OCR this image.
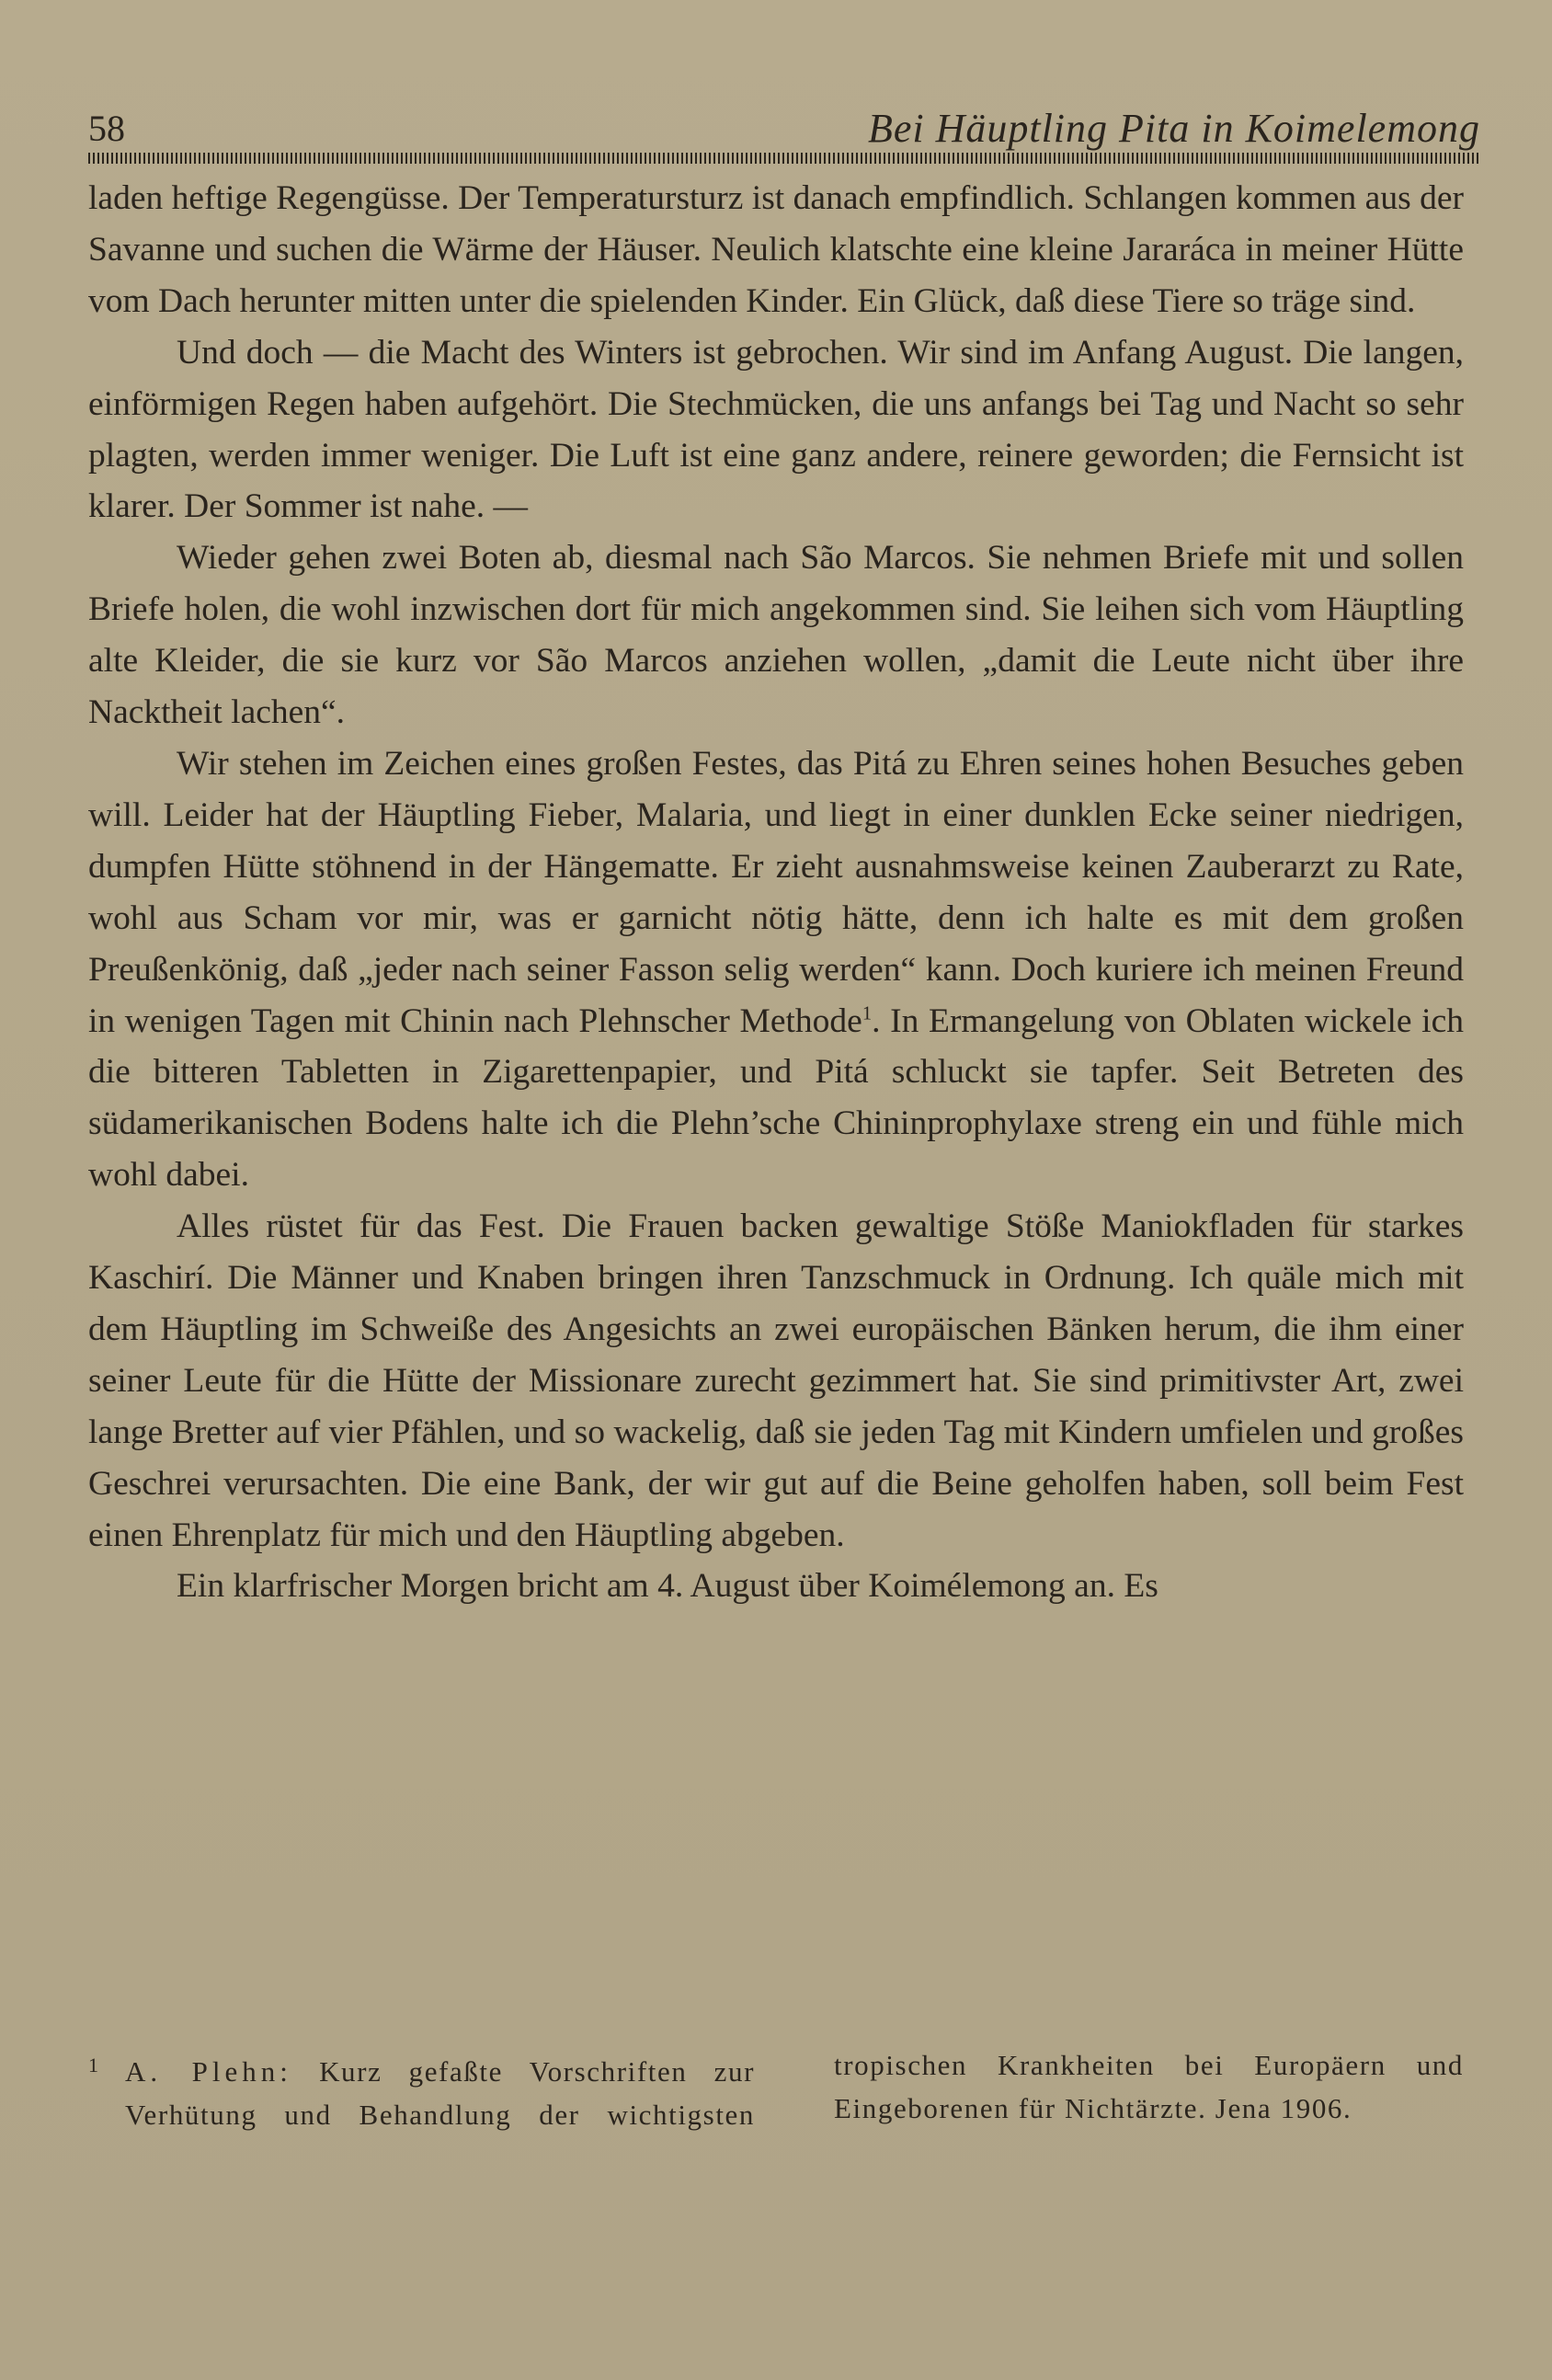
58	Bei Häuptling Pita in Koimelemong

laden heftige Regengüsse. Der Temperatursturz ist danach empfindlich. Schlangen kommen aus der Savanne und suchen die Wärme der Häuser. Neulich klatschte eine kleine Jararáca in meiner Hütte vom Dach herunter mitten unter die spielenden Kinder. Ein Glück, daß diese Tiere so träge sind.

Und doch — die Macht des Winters ist gebrochen. Wir sind im Anfang August. Die langen, einförmigen Regen haben aufgehört. Die Stechmücken, die uns anfangs bei Tag und Nacht so sehr plagten, werden immer weniger. Die Luft ist eine ganz andere, reinere geworden; die Fernsicht ist klarer. Der Sommer ist nahe. —

Wieder gehen zwei Boten ab, diesmal nach São Marcos. Sie nehmen Briefe mit und sollen Briefe holen, die wohl inzwischen dort für mich angekommen sind. Sie leihen sich vom Häuptling alte Kleider, die sie kurz vor São Marcos anziehen wollen, „damit die Leute nicht über ihre Nacktheit lachen“.

Wir stehen im Zeichen eines großen Festes, das Pitá zu Ehren seines hohen Besuches geben will. Leider hat der Häuptling Fieber, Malaria, und liegt in einer dunklen Ecke seiner niedrigen, dumpfen Hütte stöhnend in der Hängematte. Er zieht ausnahmsweise keinen Zauberarzt zu Rate, wohl aus Scham vor mir, was er garnicht nötig hätte, denn ich halte es mit dem großen Preußenkönig, daß „jeder nach seiner Fasson selig werden“ kann. Doch kuriere ich meinen Freund in wenigen Tagen mit Chinin nach Plehnscher Methode$^1$. In Ermangelung von Oblaten wickele ich die bitteren Tabletten in Zigarettenpapier, und Pitá schluckt sie tapfer. Seit Betreten des südamerikanischen Bodens halte ich die Plehn’sche Chininprophylaxe streng ein und fühle mich wohl dabei.

Alles rüstet für das Fest. Die Frauen backen gewaltige Stöße Maniokfladen für starkes Kaschirí. Die Männer und Knaben bringen ihren Tanzschmuck in Ordnung. Ich quäle mich mit dem Häuptling im Schweiße des Angesichts an zwei europäischen Bänken herum, die ihm einer seiner Leute für die Hütte der Missionare zurecht gezimmert hat. Sie sind primitivster Art, zwei lange Bretter auf vier Pfählen, und so wackelig, daß sie jeden Tag mit Kindern umfielen und großes Geschrei verursachten. Die eine Bank, der wir gut auf die Beine geholfen haben, soll beim Fest einen Ehrenplatz für mich und den Häuptling abgeben.

Ein klarfrischer Morgen bricht am 4. August über Koimélemong an. Es

1 A. Plehn: Kurz gefaßte Vorschriften zur Verhütung und Behandlung der wichtigsten tropischen Krankheiten bei Europäern und Eingeborenen für Nichtärzte. Jena 1906.
